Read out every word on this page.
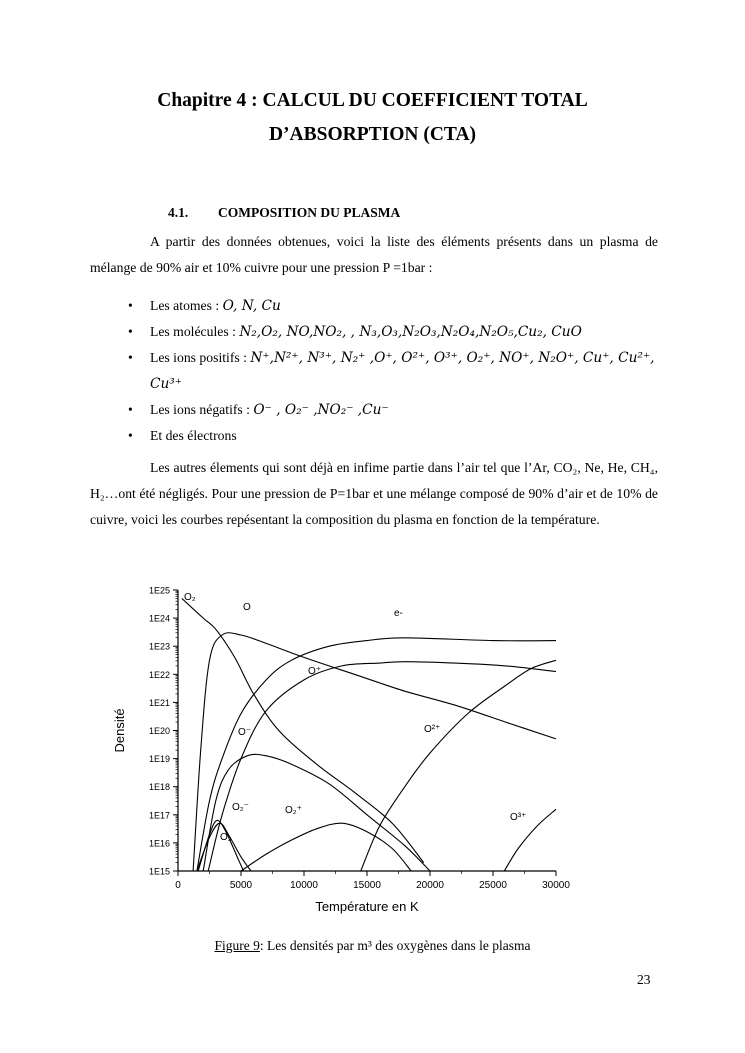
Chapitre 4 : CALCUL DU COEFFICIENT TOTAL
D’ABSORPTION (CTA)
4.1. COMPOSITION DU PLASMA
A partir des données obtenues, voici la liste des éléments présents dans un plasma de mélange de 90% air et 10% cuivre pour une pression P =1bar :
• Les atomes : O, N, Cu
• Les molécules : N₂,O₂, NO,NO₂, , N₃,O₃,N₂O₃,N₂O₄,N₂O₅,Cu₂, CuO
• Les ions positifs : N⁺,N²⁺, N³⁺, N₂⁺ ,O⁺, O²⁺, O³⁺, O₂⁺, NO⁺, N₂O⁺, Cu⁺, Cu²⁺, Cu³⁺
• Les ions négatifs : O⁻ , O₂⁻ ,NO₂⁻ ,Cu⁻
• Et des électrons
Les autres élements qui sont déjà en infime partie dans l’air tel que l’Ar, CO₂, Ne, He, CH₄, H₂…ont été négligés. Pour une pression de P=1bar et une mélange composé de 90% d’air et de 10% de cuivre, voici les courbes repésentant la composition du plasma en fonction de la température.
1E15
1E16
1E17
1E18
1E19
1E20
1E21
1E22
1E23
1E24
1E25
0	5000	10000	15000	20000	25000	30000
Température en K
Densité
O₂
O
e-
O⁺
O²⁺
O³⁺
O⁻
O₂⁻	O₂⁺
O₃
Figure 9: Les densités par m³ des oxygènes dans le plasma
23
